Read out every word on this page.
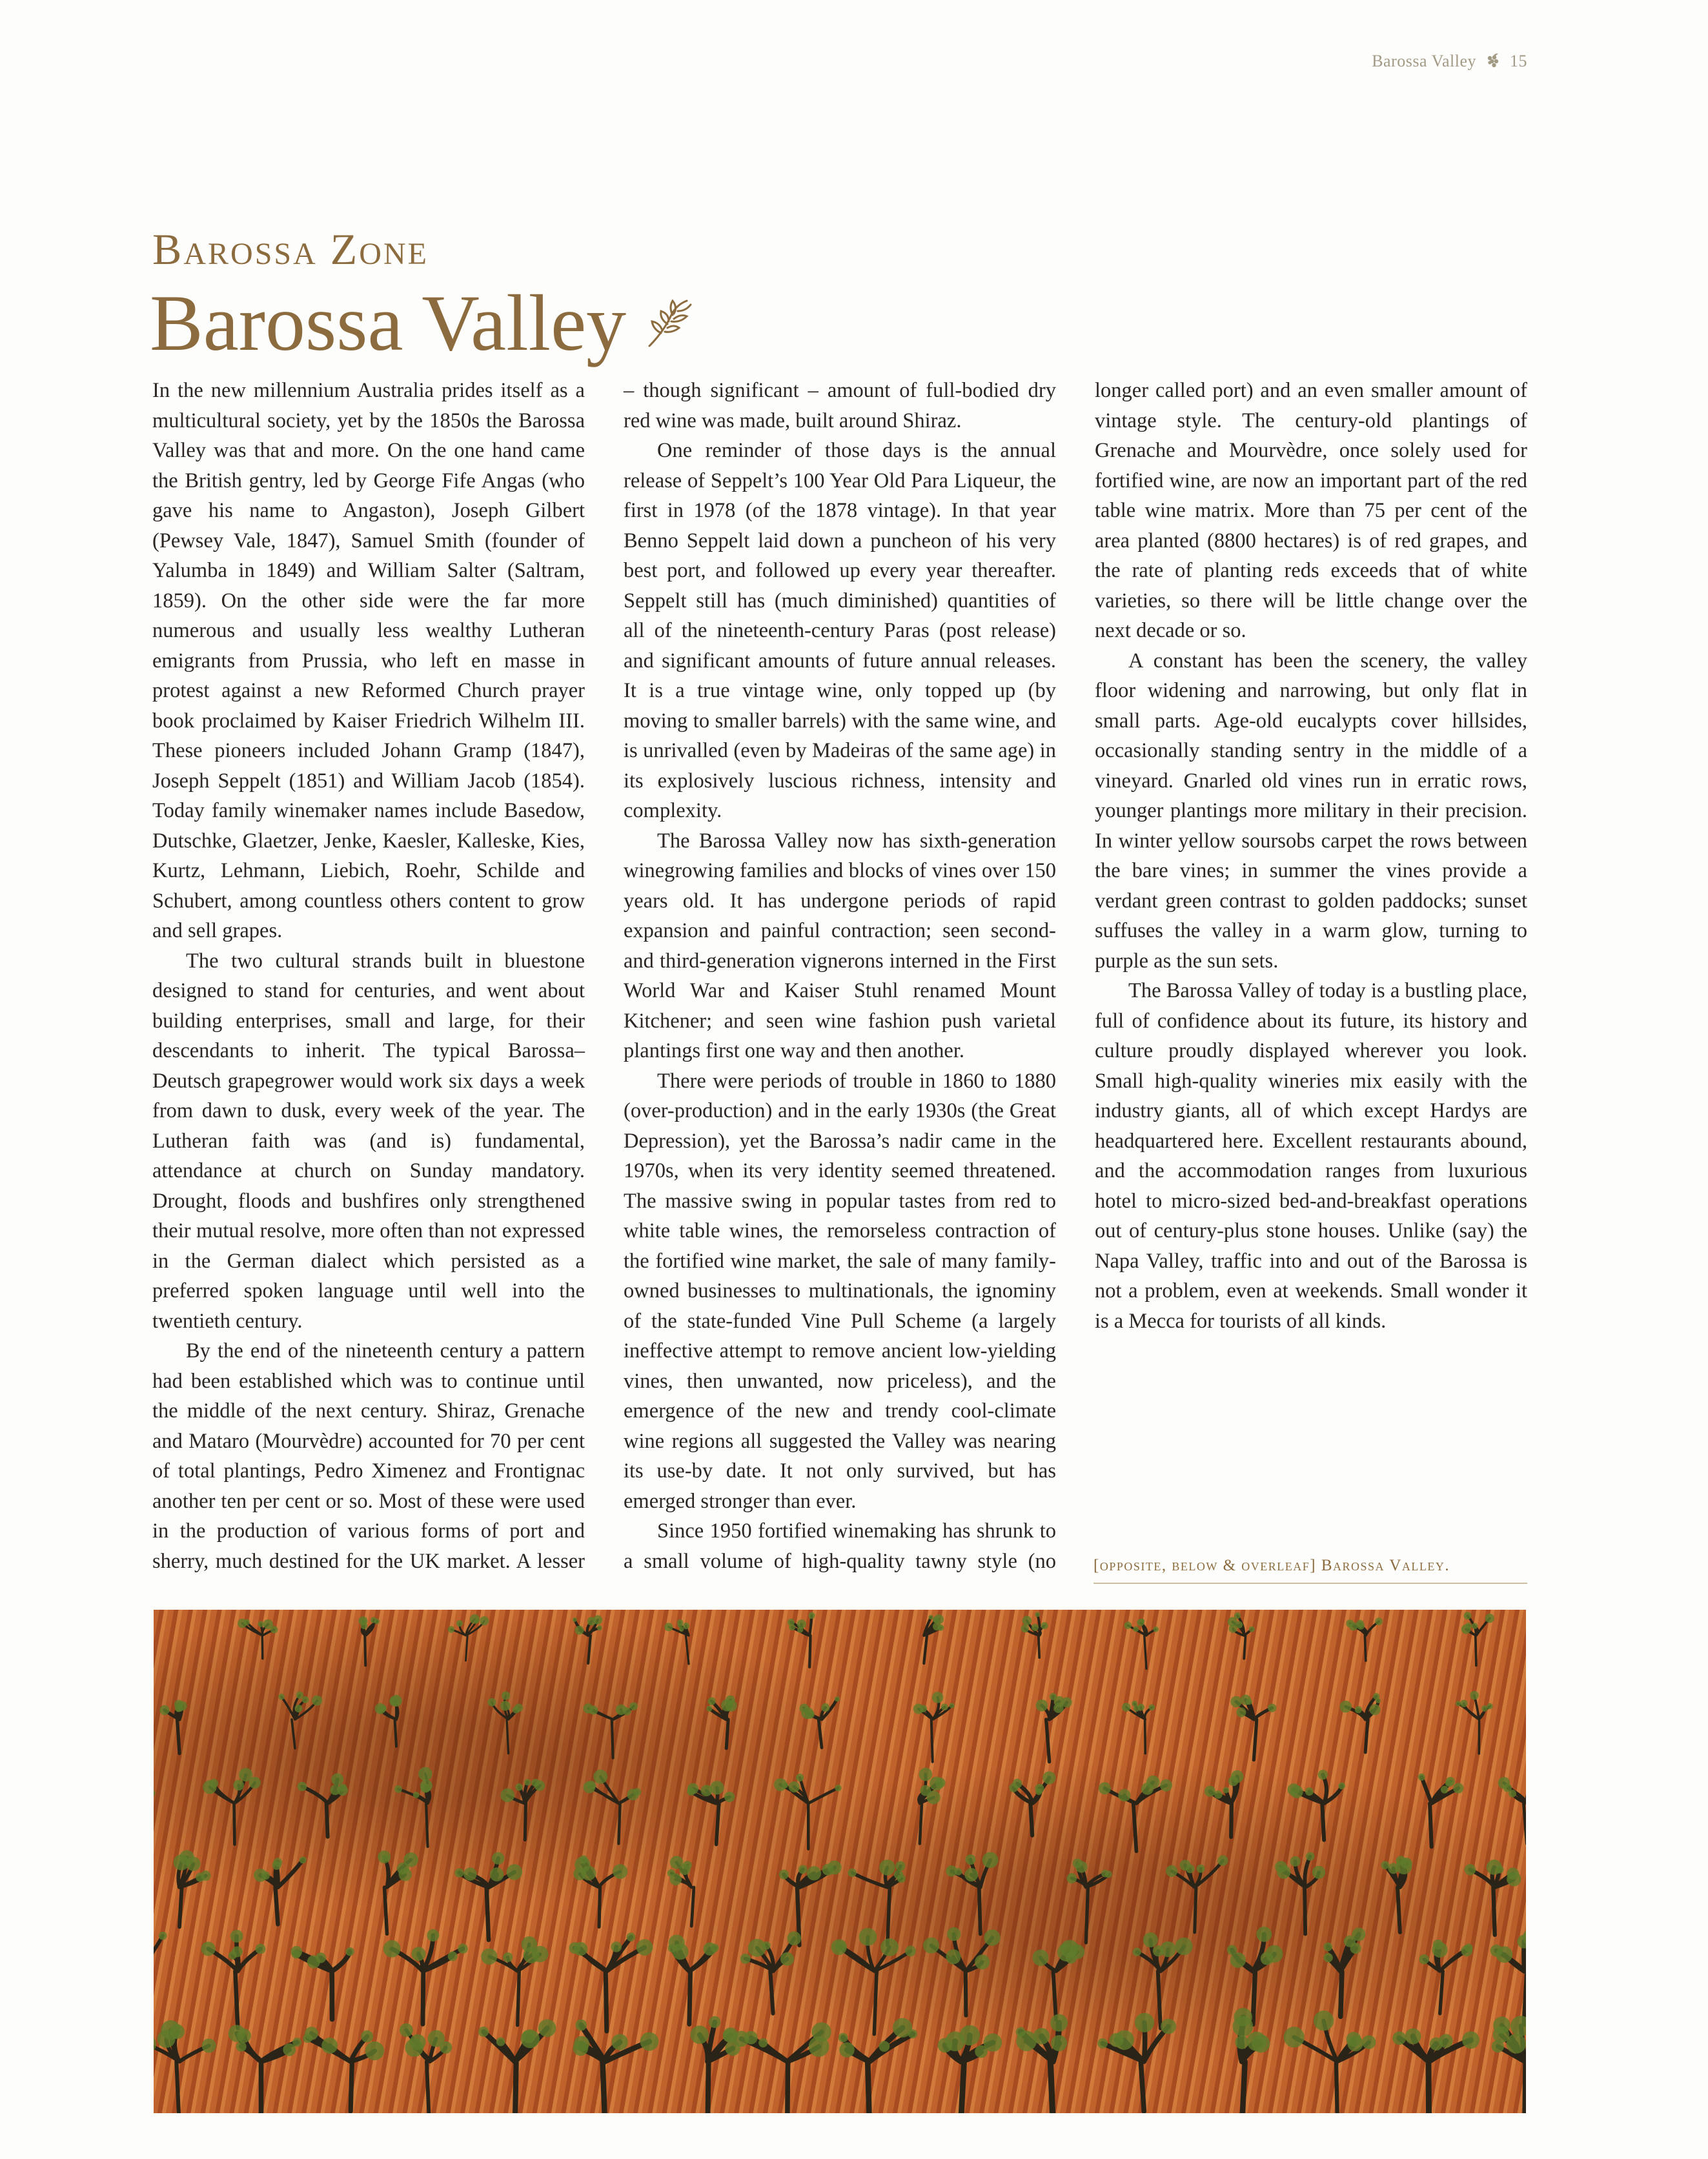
Barossa Valley 15
Barossa Zone
Barossa Valley

In the new millennium Australia prides itself as a multicultural society, yet by the 1850s the Barossa Valley was that and more. On the one hand came the British gentry, led by George Fife Angas (who gave his name to Angaston), Joseph Gilbert (Pewsey Vale, 1847), Samuel Smith (founder of Yalumba in 1849) and William Salter (Saltram, 1859). On the other side were the far more numerous and usually less wealthy Lutheran emigrants from Prussia, who left en masse in protest against a new Reformed Church prayer book proclaimed by Kaiser Friedrich Wilhelm III. These pioneers included Johann Gramp (1847), Joseph Seppelt (1851) and William Jacob (1854). Today family winemaker names include Basedow, Dutschke, Glaetzer, Jenke, Kaesler, Kalleske, Kies, Kurtz, Lehmann, Liebich, Roehr, Schilde and Schubert, among countless others content to grow and sell grapes.

The two cultural strands built in bluestone designed to stand for centuries, and went about building enterprises, small and large, for their descendants to inherit. The typical Barossa–Deutsch grapegrower would work six days a week from dawn to dusk, every week of the year. The Lutheran faith was (and is) fundamental, attendance at church on Sunday mandatory. Drought, floods and bushfires only strengthened their mutual resolve, more often than not expressed in the German dialect which persisted as a preferred spoken language until well into the twentieth century.

By the end of the nineteenth century a pattern had been established which was to continue until the middle of the next century. Shiraz, Grenache and Mataro (Mourvèdre) accounted for 70 per cent of total plantings, Pedro Ximenez and Frontignac another ten per cent or so. Most of these were used in the production of various forms of port and sherry, much destined for the UK market. A lesser – though significant – amount of full-bodied dry red wine was made, built around Shiraz.

One reminder of those days is the annual release of Seppelt’s 100 Year Old Para Liqueur, the first in 1978 (of the 1878 vintage). In that year Benno Seppelt laid down a puncheon of his very best port, and followed up every year thereafter. Seppelt still has (much diminished) quantities of all of the nineteenth-century Paras (post release) and significant amounts of future annual releases. It is a true vintage wine, only topped up (by moving to smaller barrels) with the same wine, and is unrivalled (even by Madeiras of the same age) in its explosively luscious richness, intensity and complexity.

The Barossa Valley now has sixth-generation winegrowing families and blocks of vines over 150 years old. It has undergone periods of rapid expansion and painful contraction; seen second- and third-generation vignerons interned in the First World War and Kaiser Stuhl renamed Mount Kitchener; and seen wine fashion push varietal plantings first one way and then another.

There were periods of trouble in 1860 to 1880 (over-production) and in the early 1930s (the Great Depression), yet the Barossa’s nadir came in the 1970s, when its very identity seemed threatened. The massive swing in popular tastes from red to white table wines, the remorseless contraction of the fortified wine market, the sale of many family-owned businesses to multinationals, the ignominy of the state-funded Vine Pull Scheme (a largely ineffective attempt to remove ancient low-yielding vines, then unwanted, now priceless), and the emergence of the new and trendy cool-climate wine regions all suggested the Valley was nearing its use-by date. It not only survived, but has emerged stronger than ever.

Since 1950 fortified winemaking has shrunk to a small volume of high-quality tawny style (no longer called port) and an even smaller amount of vintage style. The century-old plantings of Grenache and Mourvèdre, once solely used for fortified wine, are now an important part of the red table wine matrix. More than 75 per cent of the area planted (8800 hectares) is of red grapes, and the rate of planting reds exceeds that of white varieties, so there will be little change over the next decade or so.

A constant has been the scenery, the valley floor widening and narrowing, but only flat in small parts. Age-old eucalypts cover hillsides, occasionally standing sentry in the middle of a vineyard. Gnarled old vines run in erratic rows, younger plantings more military in their precision. In winter yellow soursobs carpet the rows between the bare vines; in summer the vines provide a verdant green contrast to golden paddocks; sunset suffuses the valley in a warm glow, turning to purple as the sun sets.

The Barossa Valley of today is a bustling place, full of confidence about its future, its history and culture proudly displayed wherever you look. Small high-quality wineries mix easily with the industry giants, all of which except Hardys are headquartered here. Excellent restaurants abound, and the accommodation ranges from luxurious hotel to micro-sized bed-and-breakfast operations out of century-plus stone houses. Unlike (say) the Napa Valley, traffic into and out of the Barossa is not a problem, even at weekends. Small wonder it is a Mecca for tourists of all kinds.

[opposite, below & overleaf] Barossa Valley.
